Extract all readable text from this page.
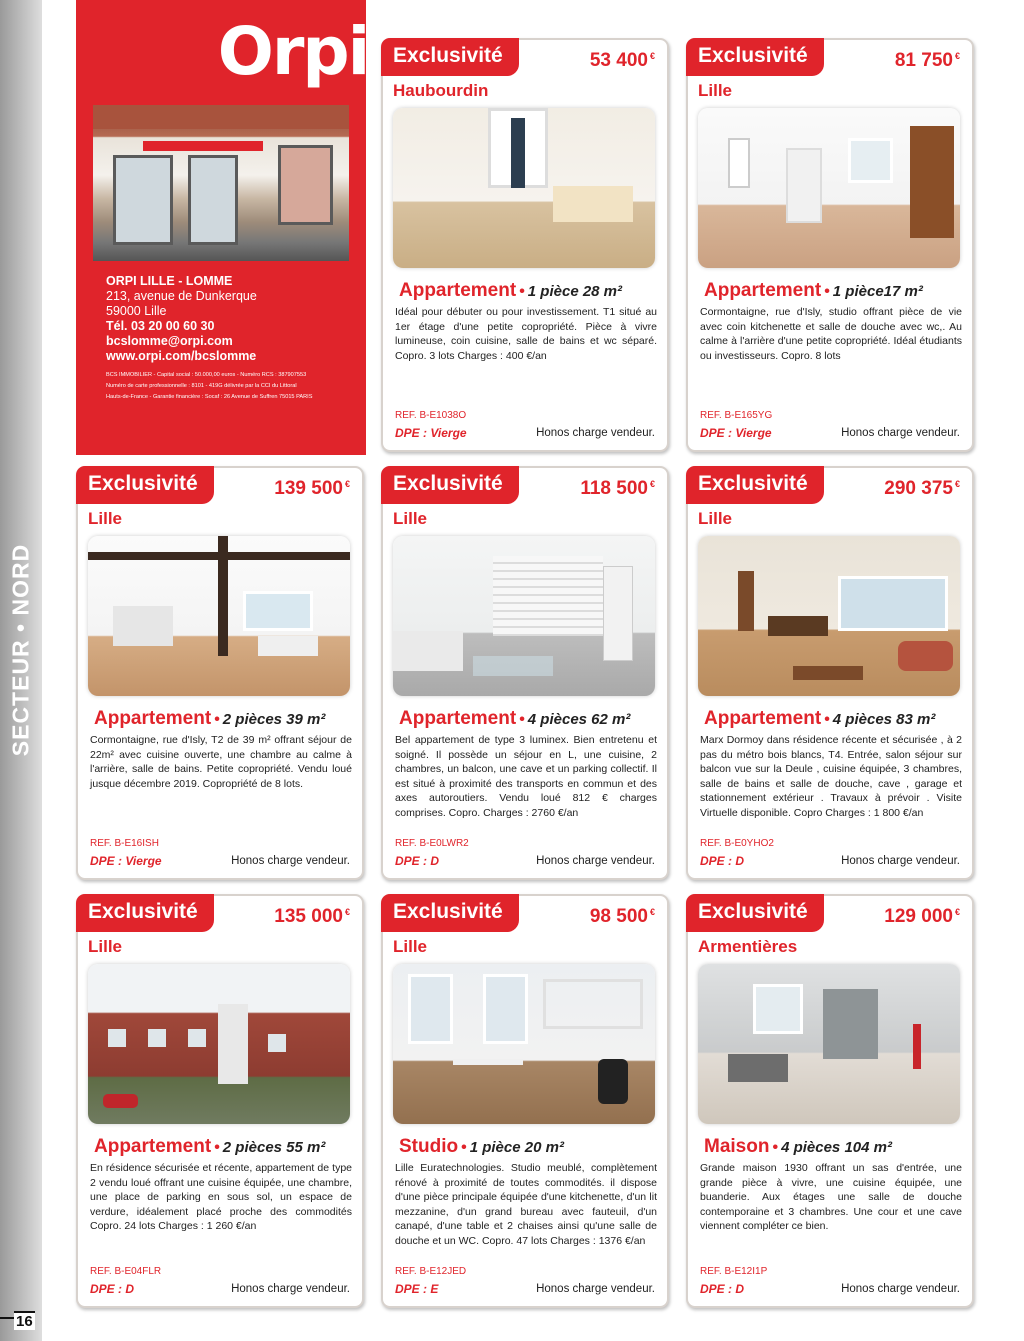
SECTEUR • NORD
16
Orpi
ORPI LILLE - LOMME
213, avenue de Dunkerque
59000 Lille
Tél. 03 20 00 60 30
bcslomme@orpi.com
www.orpi.com/bcslomme
BCS IMMOBILIER - Capital social : 50.000,00 euros - Numéro RCS : 387907553
Numéro de carte professionnelle : 8101 - 419G délivrée par la CCI du Littoral
Hauts-de-France - Garantie financière : Socaf : 26 Avenue de Suffren 75015 PARIS
Exclusivité	53 400 €
Haubourdin
Appartement • 1 pièce 28 m²
Idéal pour débuter ou pour investissement. T1 situé au 1er étage d'une petite copropriété. Pièce à vivre lumineuse, coin cuisine, salle de bains et wc séparé. Copro. 3 lots Charges : 400 €/an
REF. B-E1038O
DPE : Vierge	Honos charge vendeur.
Exclusivité	81 750 €
Lille
Appartement • 1 pièce17 m²
Cormontaigne, rue d'Isly, studio offrant pièce de vie avec coin kitchenette et salle de douche avec wc,. Au calme à l'arrière d'une petite copropriété. Idéal étudiants ou investisseurs. Copro. 8 lots
REF. B-E165YG
DPE : Vierge	Honos charge vendeur.
Exclusivité	139 500 €
Lille
Appartement • 2 pièces 39 m²
Cormontaigne, rue d'Isly, T2 de 39 m² offrant séjour de 22m² avec cuisine ouverte, une chambre au calme à l'arrière, salle de bains. Petite copropriété. Vendu loué jusque décembre 2019. Copropriété de 8 lots.
REF. B-E16ISH
DPE : Vierge	Honos charge vendeur.
Exclusivité	118 500 €
Lille
Appartement • 4 pièces 62 m²
Bel appartement de type 3 luminex. Bien entretenu et soigné. Il possède un séjour en L, une cuisine, 2 chambres, un balcon, une cave et un parking collectif. Il est situé à proximité des transports en commun et des axes autoroutiers. Vendu loué 812 € charges comprises. Copro. Charges : 2760 €/an
REF. B-E0LWR2
DPE : D	Honos charge vendeur.
Exclusivité	290 375 €
Lille
Appartement • 4 pièces 83 m²
Marx Dormoy dans résidence récente et sécurisée , à 2 pas du métro bois blancs, T4. Entrée, salon séjour sur balcon vue sur la Deule , cuisine équipée, 3 chambres, salle de bains et salle de douche, cave , garage et stationnement extérieur . Travaux à prévoir . Visite Virtuelle disponible. Copro Charges : 1 800 €/an
REF. B-E0YHO2
DPE : D	Honos charge vendeur.
Exclusivité	135 000 €
Lille
Appartement • 2 pièces 55 m²
En résidence sécurisée et récente, appartement de type 2 vendu loué offrant une cuisine équipée, une chambre, une place de parking en sous sol, un espace de verdure, idéalement placé proche des commodités Copro. 24 lots Charges : 1 260 €/an
REF. B-E04FLR
DPE : D	Honos charge vendeur.
Exclusivité	98 500 €
Lille
Studio • 1 pièce 20 m²
Lille Euratechnologies. Studio meublé, complètement rénové à proximité de toutes commodités. il dispose d'une pièce principale équipée d'une kitchenette, d'un lit mezzanine, d'un grand bureau avec fauteuil, d'un canapé, d'une table et 2 chaises ainsi qu'une salle de douche et un WC. Copro. 47 lots Charges : 1376 €/an
REF. B-E12JED
DPE : E	Honos charge vendeur.
Exclusivité	129 000 €
Armentières
Maison • 4 pièces 104 m²
Grande maison 1930 offrant un sas d'entrée, une grande pièce à vivre, une cuisine équipée, une buanderie. Aux étages une salle de douche contemporaine et 3 chambres. Une cour et une cave viennent compléter ce bien.
REF. B-E12I1P
DPE : D	Honos charge vendeur.
